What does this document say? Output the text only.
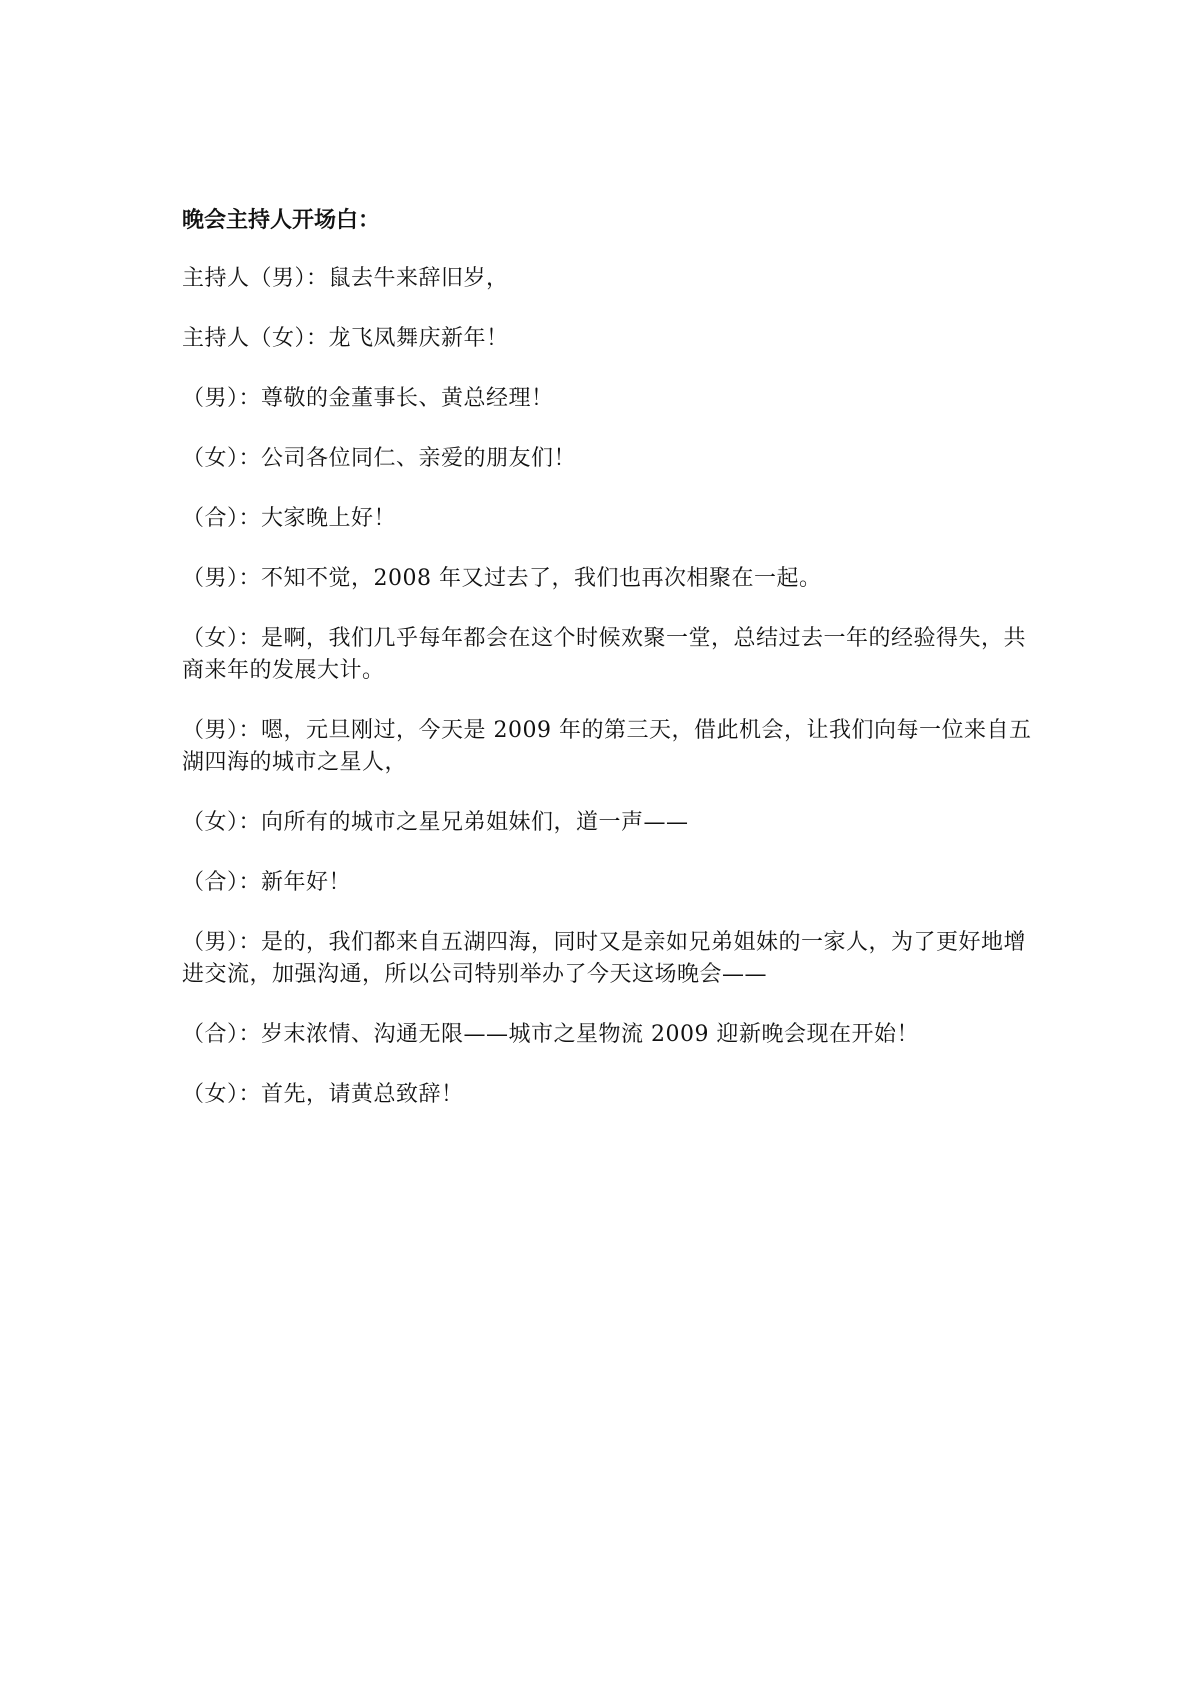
晚会主持人开场白：
主持人（男）：鼠去牛来辞旧岁，
主持人（女）：龙飞凤舞庆新年！
（男）：尊敬的金董事长、黄总经理！
（女）：公司各位同仁、亲爱的朋友们！
（合）：大家晚上好！
（男）：不知不觉，2008 年又过去了，我们也再次相聚在一起。
（女）：是啊，我们几乎每年都会在这个时候欢聚一堂，总结过去一年的经验得失，共商来年的发展大计。
（男）：嗯，元旦刚过，今天是 2009 年的第三天，借此机会，让我们向每一位来自五湖四海的城市之星人，
（女）：向所有的城市之星兄弟姐妹们，道一声——
（合）：新年好！
（男）：是的，我们都来自五湖四海，同时又是亲如兄弟姐妹的一家人，为了更好地增进交流，加强沟通，所以公司特别举办了今天这场晚会——
（合）：岁末浓情、沟通无限——城市之星物流 2009 迎新晚会现在开始！
（女）：首先，请黄总致辞！
